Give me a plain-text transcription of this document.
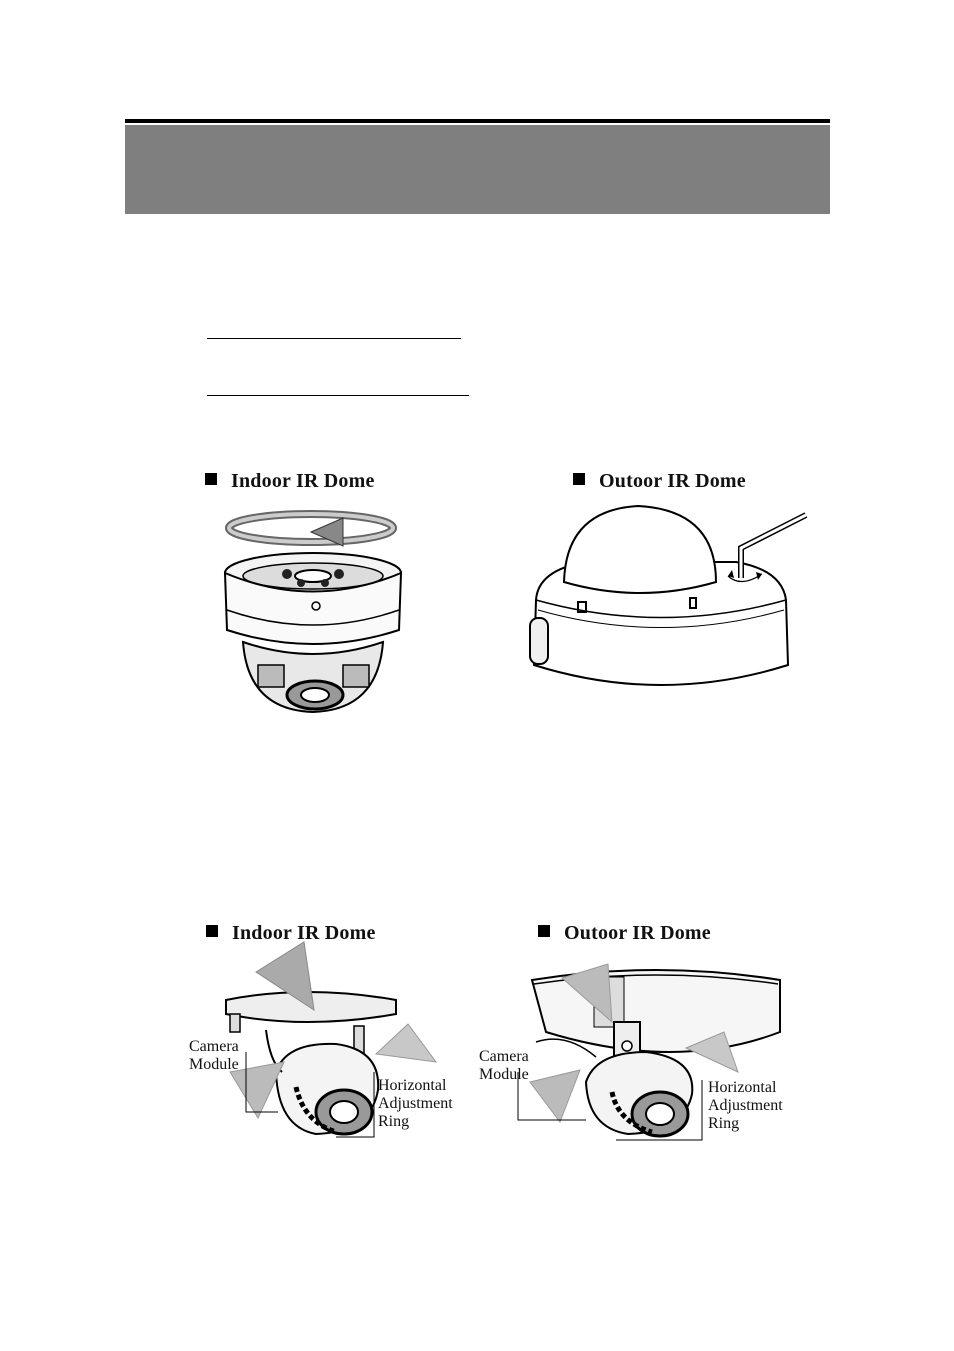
Indoor IR Dome	Outoor IR Dome
Indoor IR Dome
Camera
Module
Horizontal
Adjustment
Ring
Outoor IR Dome
Camera
Module
Horizontal
Adjustment
Ring
